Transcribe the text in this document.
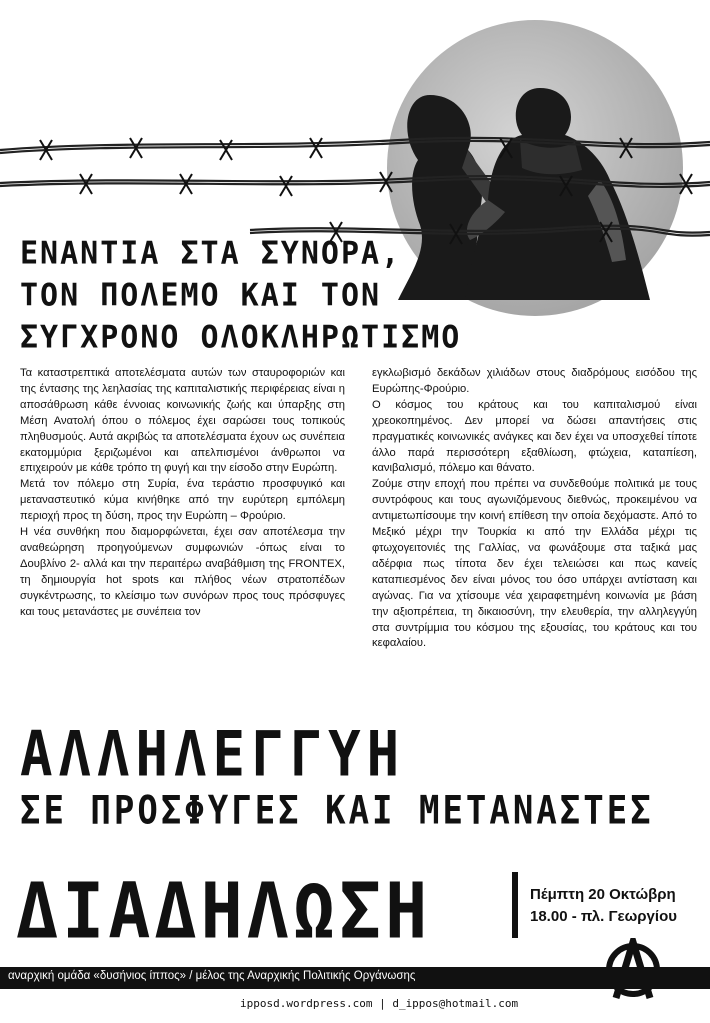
ΕΝΑΝΤΙΑ ΣΤΑ ΣΥΝΟΡΑ,
ΤΟΝ ΠΟΛΕΜΟ ΚΑΙ ΤΟΝ
ΣΥΓΧΡΟΝΟ ΟΛΟΚΛΗΡΩΤΙΣΜΟ

Τα καταστρεπτικά αποτελέσματα αυτών των σταυροφοριών και της έντασης της λεηλασίας της καπιταλιστικής περιφέρειας είναι η αποσάθρωση κάθε έννοιας κοινωνικής ζωής και ύπαρξης στη Μέση Ανατολή όπου ο πόλεμος έχει σαρώσει τους τοπικούς πληθυσμούς. Αυτά ακριβώς τα αποτελέσματα έχουν ως συνέπεια εκατομμύρια ξεριζωμένοι και απελπισμένοι άνθρωποι να επιχειρούν με κάθε τρόπο τη φυγή και την είσοδο στην Ευρώπη.

Μετά τον πόλεμο στη Συρία, ένα τεράστιο προσφυγικό και μεταναστευτικό κύμα κινήθηκε από την ευρύτερη εμπόλεμη περιοχή προς τη δύση, προς την Ευρώπη – Φρούριο.

Η νέα συνθήκη που διαμορφώνεται, έχει σαν αποτέλεσμα την αναθεώρηση προηγούμενων συμφωνιών -όπως είναι το Δουβλίνο 2- αλλά και την περαιτέρω αναβάθμιση της FRONTEX, τη δημιουργία hot spots και πλήθος νέων στρατοπέδων συγκέντρωσης, το κλείσιμο των συνόρων προς τους πρόσφυγες και τους μετανάστες με συνέπεια τον

εγκλωβισμό δεκάδων χιλιάδων στους διαδρόμους εισόδου της Ευρώπης-Φρούριο.

Ο κόσμος του κράτους και του καπιταλισμού είναι χρεοκοπημένος. Δεν μπορεί να δώσει απαντήσεις στις πραγματικές κοινωνικές ανάγκες και δεν έχει να υποσχεθεί τίποτε άλλο παρά περισσότερη εξαθλίωση, φτώχεια, καταπίεση, κανιβαλισμό, πόλεμο και θάνατο.

Ζούμε στην εποχή που πρέπει να συνδεθούμε πολιτικά με τους συντρόφους και τους αγωνιζόμενους διεθνώς, προκειμένου να αντιμετωπίσουμε την κοινή επίθεση την οποία δεχόμαστε. Από το Μεξικό μέχρι την Τουρκία κι από την Ελλάδα μέχρι τις φτωχογειτονιές της Γαλλίας, να φωνάξουμε στα ταξικά μας αδέρφια πως τίποτα δεν έχει τελειώσει και πως κανείς καταπιεσμένος δεν είναι μόνος του όσο υπάρχει αντίσταση και αγώνας. Για να χτίσουμε νέα χειραφετημένη κοινωνία με βάση την αξιοπρέπεια, τη δικαιοσύνη, την ελευθερία, την αλληλεγγύη στα συντρίμμια του κόσμου της εξουσίας, του κράτους και του κεφαλαίου.

ΑΛΛΗΛΕΓΓΥΗ
ΣΕ ΠΡΟΣΦΥΓΕΣ ΚΑΙ ΜΕΤΑΝΑΣΤΕΣ
ΔΙΑΔΗΛΩΣΗ	Πέμπτη 20 Οκτώβρη
18.00 - πλ. Γεωργίου
αναρχική ομάδα «δυσήνιος ίππος» / μέλος της Αναρχικής Πολιτικής Οργάνωσης
ipposd.wordpress.com | d_ippos@hotmail.com
